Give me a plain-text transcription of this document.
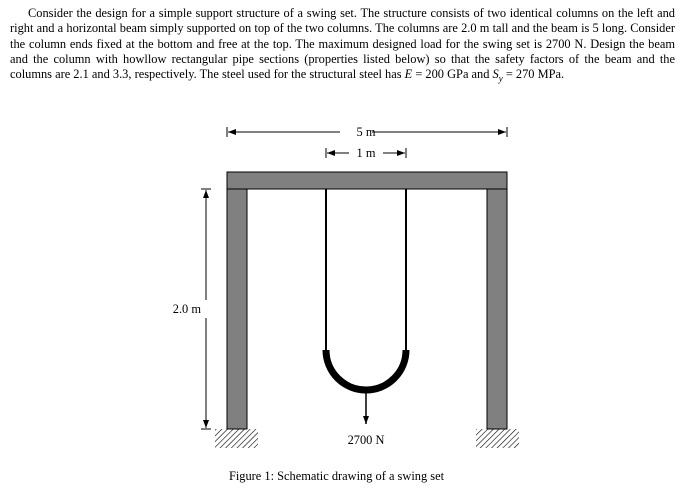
Consider the design for a simple support structure of a swing set. The structure consists of two identical columns on the left and right and a horizontal beam simply supported on top of the two columns. The columns are 2.0 m tall and the beam is 5 long. Consider the column ends fixed at the bottom and free at the top. The maximum designed load for the swing set is 2700 N. Design the beam and the column with howllow rectangular pipe sections (properties listed below) so that the safety factors of the beam and the columns are 2.1 and 3.3, respectively. The steel used for the structural steel has E = 200 GPa and $S_y = 270$ MPa.

5 m
1 m
2.0 m
2700 N
Figure 1: Schematic drawing of a swing set
